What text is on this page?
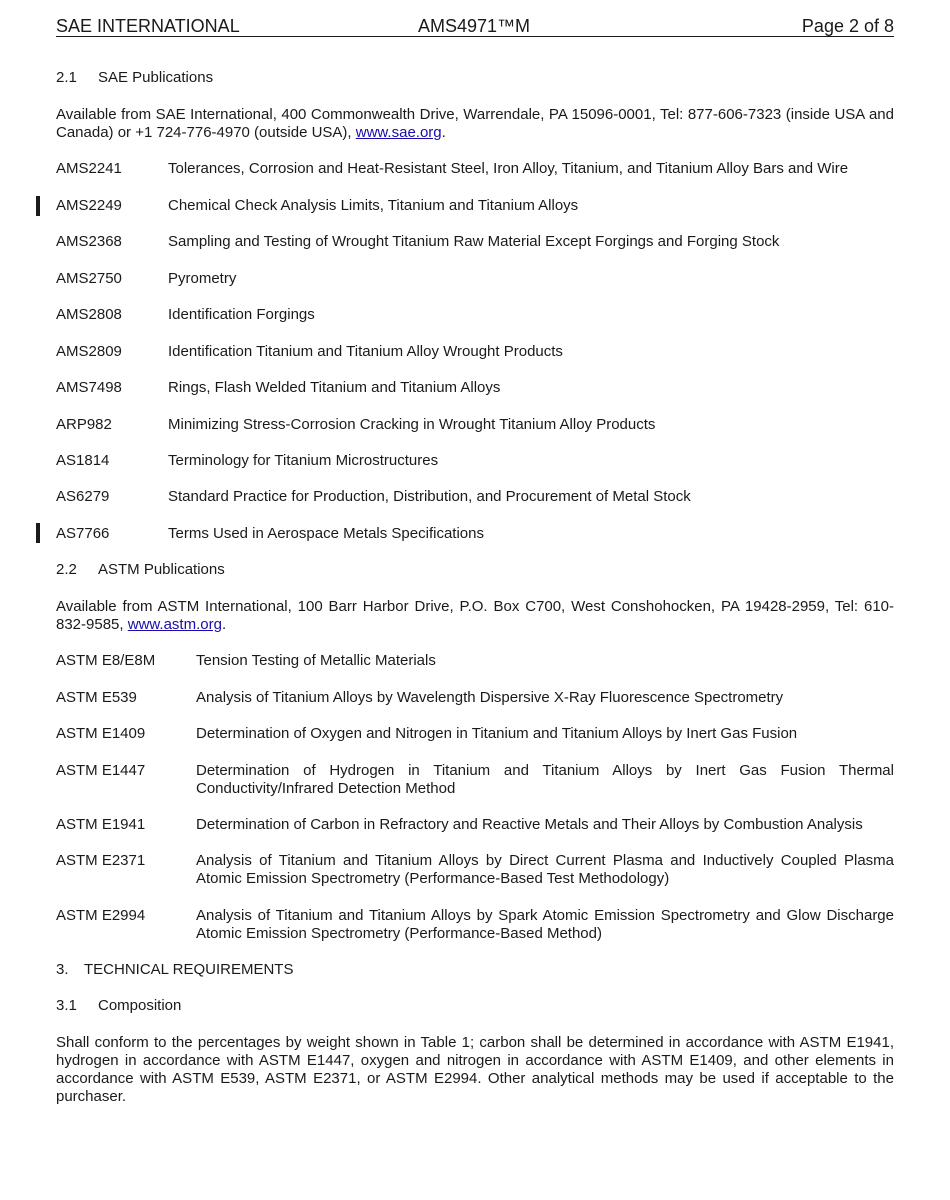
SAE INTERNATIONAL	AMS4971™M	Page 2 of 8
2.1 SAE Publications
Available from SAE International, 400 Commonwealth Drive, Warrendale, PA 15096-0001, Tel: 877-606-7323 (inside USA and Canada) or +1 724-776-4970 (outside USA), www.sae.org.
AMS2241	Tolerances, Corrosion and Heat-Resistant Steel, Iron Alloy, Titanium, and Titanium Alloy Bars and Wire
AMS2249	Chemical Check Analysis Limits, Titanium and Titanium Alloys
AMS2368	Sampling and Testing of Wrought Titanium Raw Material Except Forgings and Forging Stock
AMS2750	Pyrometry
AMS2808	Identification Forgings
AMS2809	Identification Titanium and Titanium Alloy Wrought Products
AMS7498	Rings, Flash Welded Titanium and Titanium Alloys
ARP982	Minimizing Stress-Corrosion Cracking in Wrought Titanium Alloy Products
AS1814	Terminology for Titanium Microstructures
AS6279	Standard Practice for Production, Distribution, and Procurement of Metal Stock
AS7766	Terms Used in Aerospace Metals Specifications
2.2 ASTM Publications
Available from ASTM International, 100 Barr Harbor Drive, P.O. Box C700, West Conshohocken, PA 19428-2959, Tel: 610-832-9585, www.astm.org.
ASTM E8/E8M	Tension Testing of Metallic Materials
ASTM E539	Analysis of Titanium Alloys by Wavelength Dispersive X-Ray Fluorescence Spectrometry
ASTM E1409	Determination of Oxygen and Nitrogen in Titanium and Titanium Alloys by Inert Gas Fusion
ASTM E1447	Determination of Hydrogen in Titanium and Titanium Alloys by Inert Gas Fusion Thermal Conductivity/Infrared Detection Method
ASTM E1941	Determination of Carbon in Refractory and Reactive Metals and Their Alloys by Combustion Analysis
ASTM E2371	Analysis of Titanium and Titanium Alloys by Direct Current Plasma and Inductively Coupled Plasma Atomic Emission Spectrometry (Performance-Based Test Methodology)
ASTM E2994	Analysis of Titanium and Titanium Alloys by Spark Atomic Emission Spectrometry and Glow Discharge Atomic Emission Spectrometry (Performance-Based Method)
3. TECHNICAL REQUIREMENTS
3.1 Composition
Shall conform to the percentages by weight shown in Table 1; carbon shall be determined in accordance with ASTM E1941, hydrogen in accordance with ASTM E1447, oxygen and nitrogen in accordance with ASTM E1409, and other elements in accordance with ASTM E539, ASTM E2371, or ASTM E2994. Other analytical methods may be used if acceptable to the purchaser.
